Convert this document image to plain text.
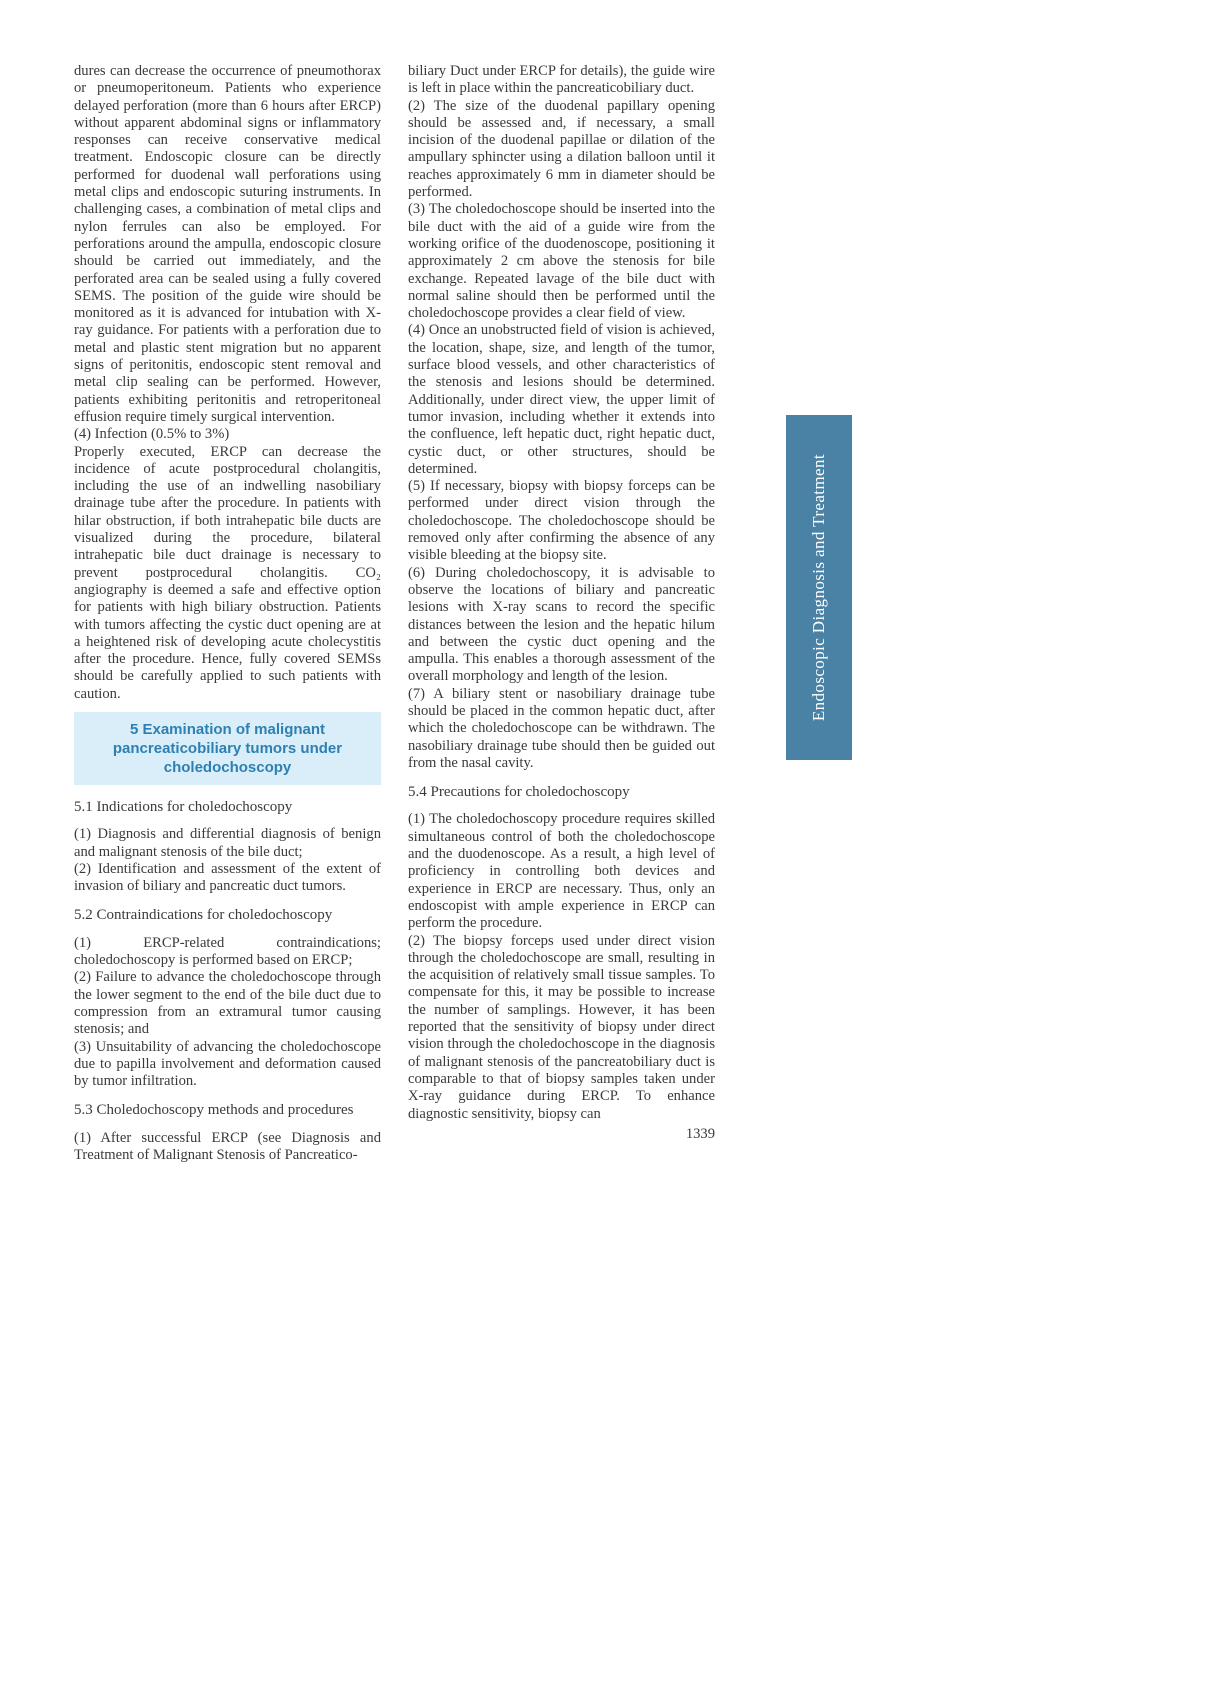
dures can decrease the occurrence of pneumothorax or pneumoperitoneum. Patients who experience delayed perforation (more than 6 hours after ERCP) without apparent abdominal signs or inflammatory responses can receive conservative medical treatment. Endoscopic closure can be directly performed for duodenal wall perforations using metal clips and endoscopic suturing instruments. In challenging cases, a combination of metal clips and nylon ferrules can also be employed. For perforations around the ampulla, endoscopic closure should be carried out immediately, and the perforated area can be sealed using a fully covered SEMS. The position of the guide wire should be monitored as it is advanced for intubation with X-ray guidance. For patients with a perforation due to metal and plastic stent migration but no apparent signs of peritonitis, endoscopic stent removal and metal clip sealing can be performed. However, patients exhibiting peritonitis and retroperitoneal effusion require timely surgical intervention.

(4) Infection (0.5% to 3%)

Properly executed, ERCP can decrease the incidence of acute postprocedural cholangitis, including the use of an indwelling nasobiliary drainage tube after the procedure. In patients with hilar obstruction, if both intrahepatic bile ducts are visualized during the procedure, bilateral intrahepatic bile duct drainage is necessary to prevent postprocedural cholangitis. CO₂ angiography is deemed a safe and effective option for patients with high biliary obstruction. Patients with tumors affecting the cystic duct opening are at a heightened risk of developing acute cholecystitis after the procedure. Hence, fully covered SEMSs should be carefully applied to such patients with caution.

5 Examination of malignant pancreaticobiliary tumors under choledochoscopy
5.1 Indications for choledochoscopy

(1) Diagnosis and differential diagnosis of benign and malignant stenosis of the bile duct;

(2) Identification and assessment of the extent of invasion of biliary and pancreatic duct tumors.

5.2 Contraindications for choledochoscopy

(1) ERCP-related contraindications; choledochoscopy is performed based on ERCP;

(2) Failure to advance the choledochoscope through the lower segment to the end of the bile duct due to compression from an extramural tumor causing stenosis; and

(3) Unsuitability of advancing the choledochoscope due to papilla involvement and deformation caused by tumor infiltration.

5.3 Choledochoscopy methods and procedures

(1) After successful ERCP (see Diagnosis and Treatment of Malignant Stenosis of Pancreatico-

biliary Duct under ERCP for details), the guide wire is left in place within the pancreaticobiliary duct.

(2) The size of the duodenal papillary opening should be assessed and, if necessary, a small incision of the duodenal papillae or dilation of the ampullary sphincter using a dilation balloon until it reaches approximately 6 mm in diameter should be performed.

(3) The choledochoscope should be inserted into the bile duct with the aid of a guide wire from the working orifice of the duodenoscope, positioning it approximately 2 cm above the stenosis for bile exchange. Repeated lavage of the bile duct with normal saline should then be performed until the choledochoscope provides a clear field of view.

(4) Once an unobstructed field of vision is achieved, the location, shape, size, and length of the tumor, surface blood vessels, and other characteristics of the stenosis and lesions should be determined. Additionally, under direct view, the upper limit of tumor invasion, including whether it extends into the confluence, left hepatic duct, right hepatic duct, cystic duct, or other structures, should be determined.

(5) If necessary, biopsy with biopsy forceps can be performed under direct vision through the choledochoscope. The choledochoscope should be removed only after confirming the absence of any visible bleeding at the biopsy site.

(6) During choledochoscopy, it is advisable to observe the locations of biliary and pancreatic lesions with X-ray scans to record the specific distances between the lesion and the hepatic hilum and between the cystic duct opening and the ampulla. This enables a thorough assessment of the overall morphology and length of the lesion.

(7) A biliary stent or nasobiliary drainage tube should be placed in the common hepatic duct, after which the choledochoscope can be withdrawn. The nasobiliary drainage tube should then be guided out from the nasal cavity.

5.4 Precautions for choledochoscopy

(1) The choledochoscopy procedure requires skilled simultaneous control of both the choledochoscope and the duodenoscope. As a result, a high level of proficiency in controlling both devices and experience in ERCP are necessary. Thus, only an endoscopist with ample experience in ERCP can perform the procedure.

(2) The biopsy forceps used under direct vision through the choledochoscope are small, resulting in the acquisition of relatively small tissue samples. To compensate for this, it may be possible to increase the number of samplings. However, it has been reported that the sensitivity of biopsy under direct vision through the choledochoscope in the diagnosis of malignant stenosis of the pancreatobiliary duct is comparable to that of biopsy samples taken under X-ray guidance during ERCP. To enhance diagnostic sensitivity, biopsy can

Endoscopic Diagnosis and Treatment
1339
